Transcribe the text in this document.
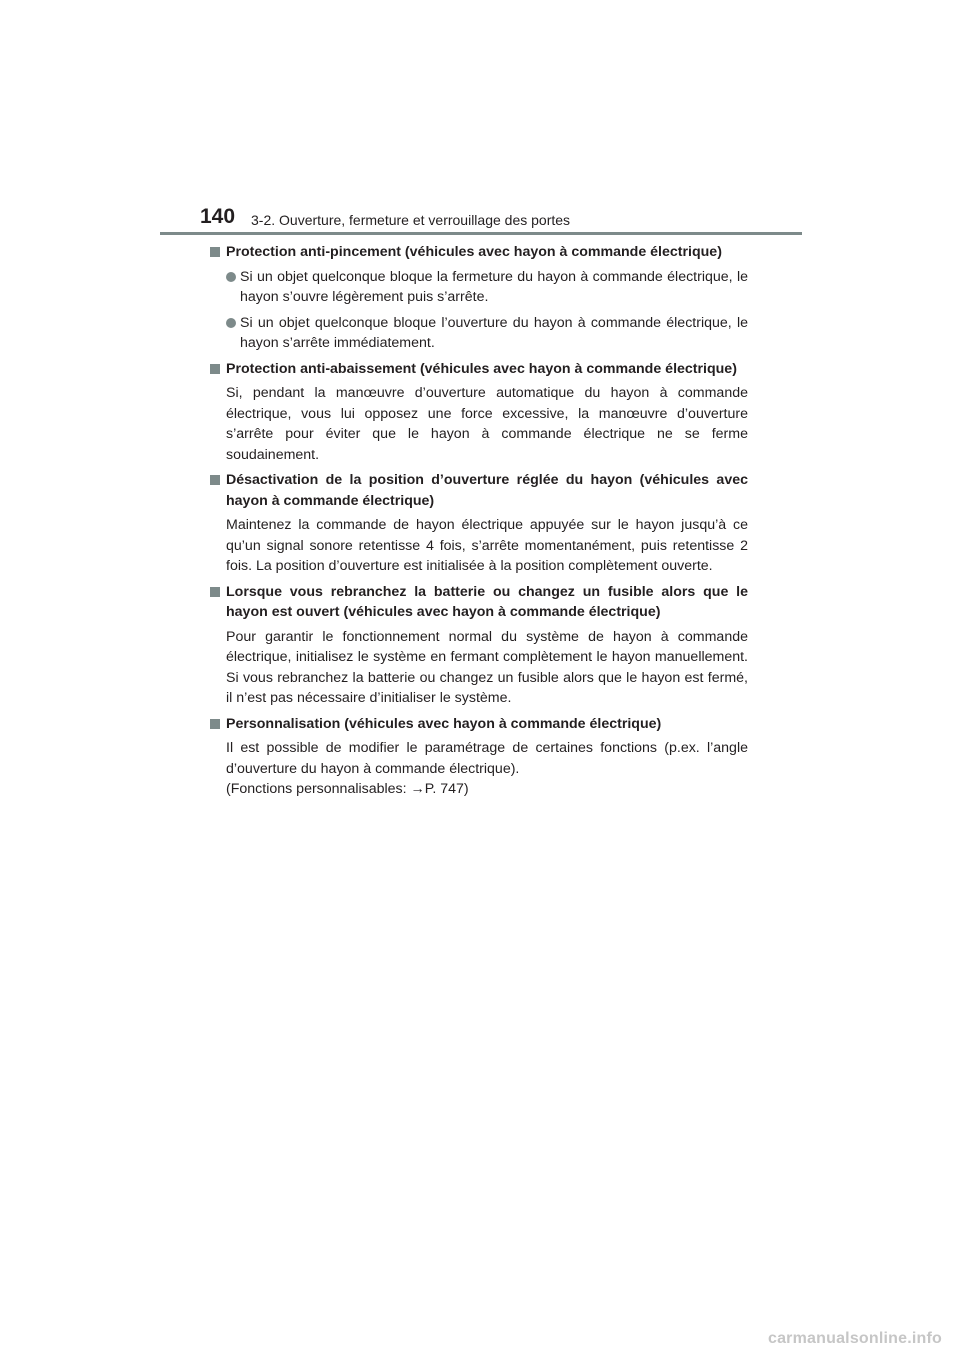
140 3-2. Ouverture, fermeture et verrouillage des portes
Protection anti-pincement (véhicules avec hayon à commande électrique)
Si un objet quelconque bloque la fermeture du hayon à commande électrique, le hayon s’ouvre légèrement puis s’arrête.
Si un objet quelconque bloque l’ouverture du hayon à commande électrique, le hayon s’arrête immédiatement.
Protection anti-abaissement (véhicules avec hayon à commande électrique)
Si, pendant la manœuvre d’ouverture automatique du hayon à commande électrique, vous lui opposez une force excessive, la manœuvre d’ouverture s’arrête pour éviter que le hayon à commande électrique ne se ferme soudainement.
Désactivation de la position d’ouverture réglée du hayon (véhicules avec hayon à commande électrique)
Maintenez la commande de hayon électrique appuyée sur le hayon jusqu’à ce qu’un signal sonore retentisse 4 fois, s’arrête momentanément, puis retentisse 2 fois. La position d’ouverture est initialisée à la position complètement ouverte.
Lorsque vous rebranchez la batterie ou changez un fusible alors que le hayon est ouvert (véhicules avec hayon à commande électrique)
Pour garantir le fonctionnement normal du système de hayon à commande électrique, initialisez le système en fermant complètement le hayon manuellement. Si vous rebranchez la batterie ou changez un fusible alors que le hayon est fermé, il n’est pas nécessaire d’initialiser le système.
Personnalisation (véhicules avec hayon à commande électrique)
Il est possible de modifier le paramétrage de certaines fonctions (p.ex. l’angle d’ouverture du hayon à commande électrique).
(Fonctions personnalisables: →P. 747)
carmanualsonline.info
